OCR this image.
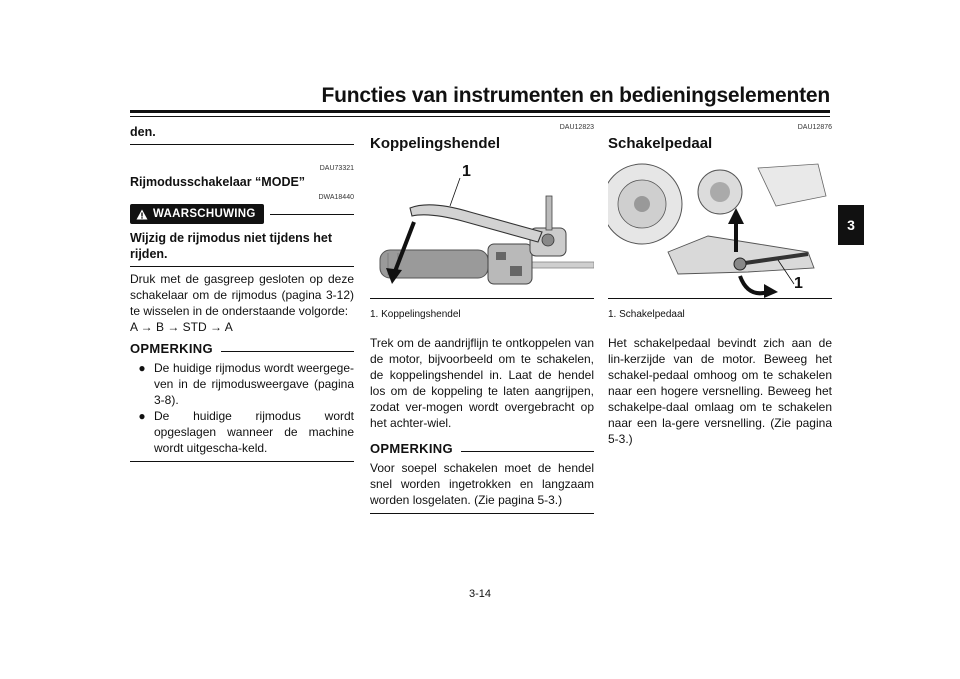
Functies van instrumenten en bedieningselementen
3
den.
DAU73321
Rijmodusschakelaar “MODE”
DWA18440
WAARSCHUWING
Wijzig de rijmodus niet tijdens het rijden.
Druk met de gasgreep gesloten op deze schakelaar om de rijmodus (pagina 3-12) te wisselen in de onderstaande volgorde:
A → B → STD → A
OPMERKING
● De huidige rijmodus wordt weergege-ven in de rijmodusweergave (pagina 3-8).
● De huidige rijmodus wordt opgeslagen wanneer de machine wordt uitgescha-keld.
DAU12823
Koppelingshendel
1
1. Koppelingshendel
Trek om de aandrijflijn te ontkoppelen van de motor, bijvoorbeeld om te schakelen, de koppelingshendel in. Laat de hendel los om de koppeling te laten aangrijpen, zodat ver-mogen wordt overgebracht op het achter-wiel.
OPMERKING
Voor soepel schakelen moet de hendel snel worden ingetrokken en langzaam worden losgelaten. (Zie pagina 5-3.)
DAU12876
Schakelpedaal
1
1. Schakelpedaal
Het schakelpedaal bevindt zich aan de lin-kerzijde van de motor. Beweeg het schakel-pedaal omhoog om te schakelen naar een hogere versnelling. Beweeg het schakelpe-daal omlaag om te schakelen naar een la-gere versnelling. (Zie pagina 5-3.)
3-14
